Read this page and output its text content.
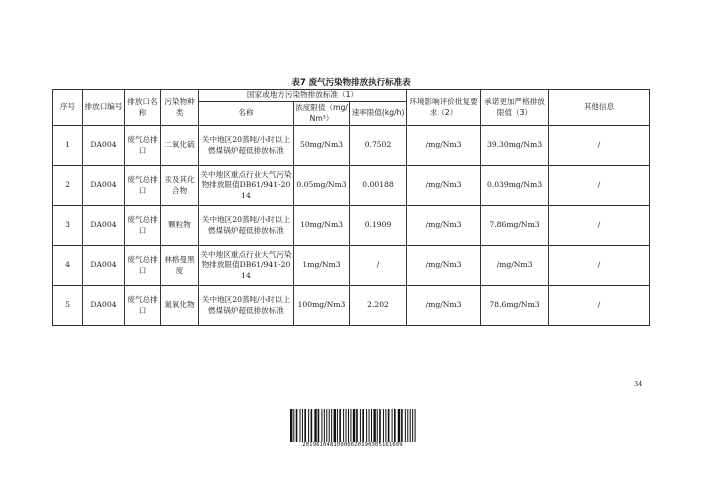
表7 废气污染物排放执行标准表
序号	排放口编号	排放口名称	污染物种类	国家或地方污染物排放标准（1）			环境影响评价批复要求（2）	承诺更加严格排放限值（3）	其他信息
				名称	浓度限值（mg/Nm³）	速率限值(kg/h)			
1	DA004	废气总排口	二氧化硫	关中地区20蒸吨/小时以上燃煤锅炉超低排放标准	50mg/Nm3	0.7502	/mg/Nm3	39.30mg/Nm3	/
2	DA004	废气总排口	汞及其化合物	关中地区重点行业大气污染物排放限值DB61/941-2014	0.05mg/Nm3	0.00188	/mg/Nm3	0.039mg/Nm3	/
3	DA004	废气总排口	颗粒物	关中地区20蒸吨/小时以上燃煤锅炉超低排放标准	10mg/Nm3	0.1909	/mg/Nm3	7.86mg/Nm3	/
4	DA004	废气总排口	林格曼黑度	关中地区重点行业大气污染物排放限值DB61/941-2014	1mg/Nm3	/	/mg/Nm3	/mg/Nm3	/
5	DA004	废气总排口	氮氧化物	关中地区20蒸吨/小时以上燃煤锅炉超低排放标准	100mg/Nm3	2.202	/mg/Nm3	78.6mg/Nm3	/
34
20196104810000620190305161609
